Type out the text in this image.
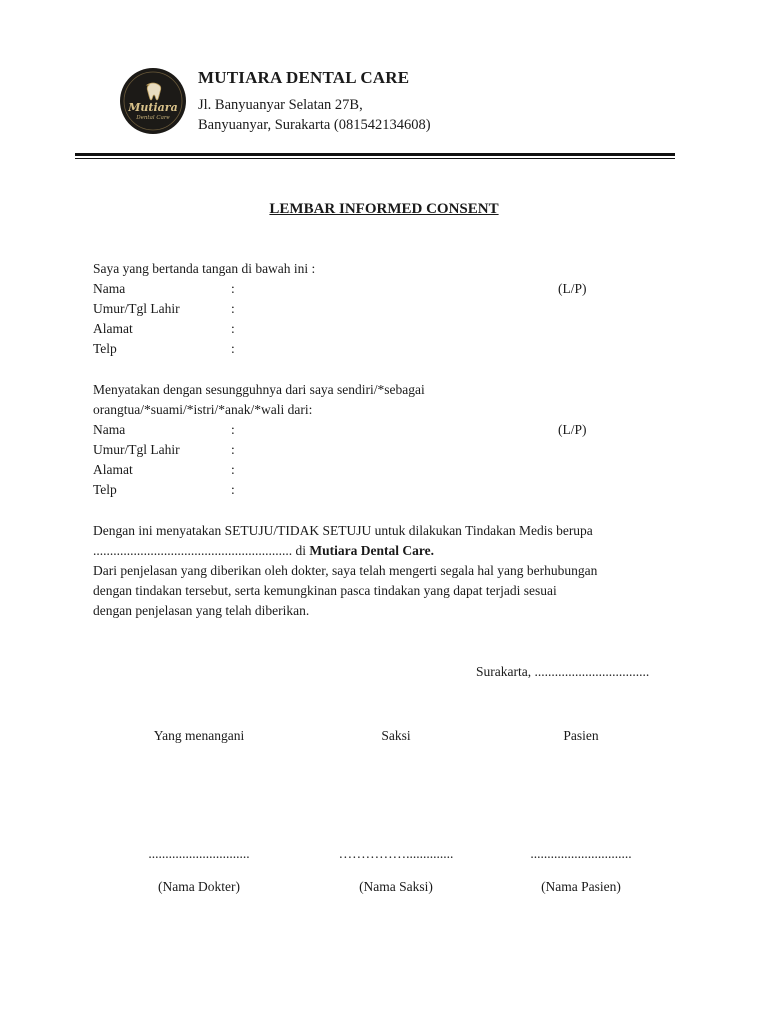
Mutiara
Dental Care
MUTIARA DENTAL CARE
Jl. Banyuanyar Selatan 27B,
Banyuanyar, Surakarta (081542134608)
LEMBAR INFORMED CONSENT
Saya yang bertanda tangan di bawah ini :
Nama	:	(L/P)
Umur/Tgl Lahir	:
Alamat	:
Telp	:
Menyatakan dengan sesungguhnya dari saya sendiri/*sebagai
orangtua/*suami/*istri/*anak/*wali dari:
Nama	:	(L/P)
Umur/Tgl Lahir	:
Alamat	:
Telp	:
Dengan ini menyatakan SETUJU/TIDAK SETUJU untuk dilakukan Tindakan Medis berupa
........................................................... di Mutiara Dental Care.
Dari penjelasan yang diberikan oleh dokter, saya telah mengerti segala hal yang berhubungan
dengan tindakan tersebut, serta kemungkinan pasca tindakan yang dapat terjadi sesuai
dengan penjelasan yang telah diberikan.
Surakarta, ..................................
Yang menangani	Saksi	Pasien
..............................	……………..............	..............................
(Nama Dokter)	(Nama Saksi)	(Nama Pasien)
